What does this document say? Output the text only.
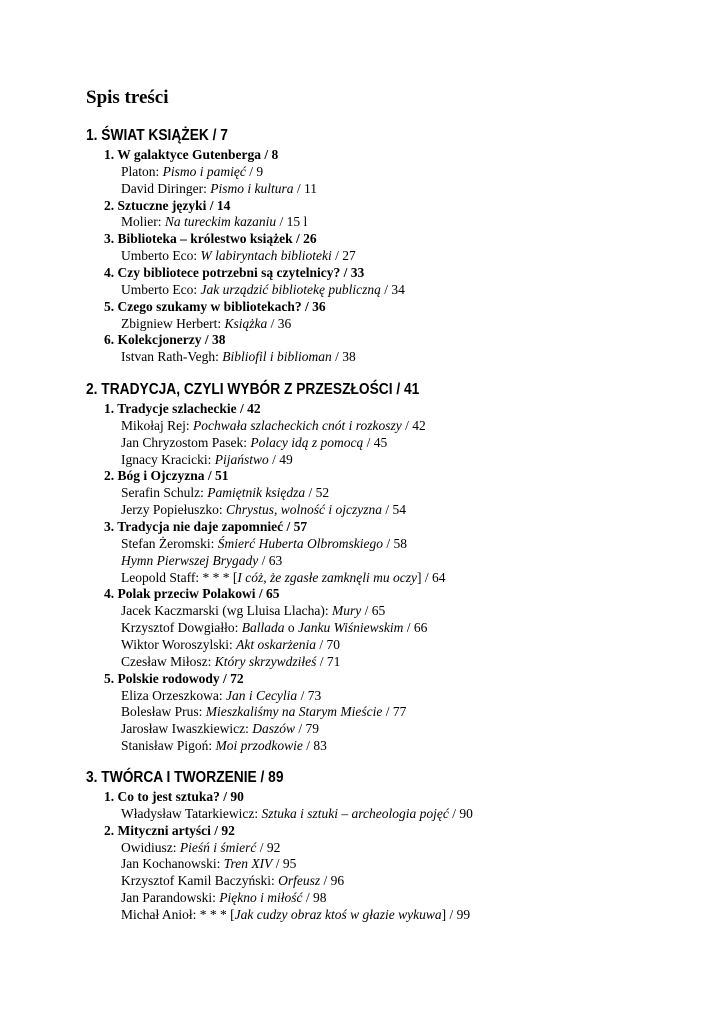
Spis treści
1. ŚWIAT KSIĄŻEK / 7
1. W galaktyce Gutenberga / 8
Platon: Pismo i pamięć / 9
David Diringer: Pismo i kultura / 11
2. Sztuczne języki / 14
Molier: Na tureckim kazaniu / 15 l
3. Biblioteka – królestwo książek / 26
Umberto Eco: W labiryntach biblioteki / 27
4. Czy bibliotece potrzebni są czytelnicy? / 33
Umberto Eco: Jak urządzić bibliotekę publiczną / 34
5. Czego szukamy w bibliotekach? / 36
Zbigniew Herbert: Książka / 36
6. Kolekcjonerzy / 38
Istvan Rath-Vegh: Bibliofil i biblioman / 38
2. TRADYCJA, CZYLI WYBÓR Z PRZESZŁOŚCI / 41
1. Tradycje szlacheckie / 42
Mikołaj Rej: Pochwała szlacheckich cnót i rozkoszy / 42
Jan Chryzostom Pasek: Polacy idą z pomocą / 45
Ignacy Kracicki: Pijaństwo / 49
2. Bóg i Ojczyzna / 51
Serafin Schulz: Pamiętnik księdza / 52
Jerzy Popiełuszko: Chrystus, wolność i ojczyzna / 54
3. Tradycja nie daje zapomnieć / 57
Stefan Żeromski: Śmierć Huberta Olbromskiego / 58
Hymn Pierwszej Brygady / 63
Leopold Staff: * * * [I cóż, że zgasłe zamknęli mu oczy] / 64
4. Polak przeciw Polakowi / 65
Jacek Kaczmarski (wg Lluisa Llacha): Mury / 65
Krzysztof Dowgiałło: Ballada o Janku Wiśniewskim / 66
Wiktor Woroszylski: Akt oskarżenia / 70
Czesław Miłosz: Który skrzywdziłeś / 71
5. Polskie rodowody / 72
Eliza Orzeszkowa: Jan i Cecylia / 73
Bolesław Prus: Mieszkaliśmy na Starym Mieście / 77
Jarosław Iwaszkiewicz: Daszów / 79
Stanisław Pigoń: Moi przodkowie / 83
3. TWÓRCA I TWORZENIE / 89
1. Co to jest sztuka? / 90
Władysław Tatarkiewicz: Sztuka i sztuki – archeologia pojęć / 90
2. Mityczni artyści / 92
Owidiusz: Pieśń i śmierć / 92
Jan Kochanowski: Tren XIV / 95
Krzysztof Kamil Baczyński: Orfeusz / 96
Jan Parandowski: Piękno i miłość / 98
Michał Anioł: * * * [Jak cudzy obraz ktoś w głazie wykuwa] / 99
